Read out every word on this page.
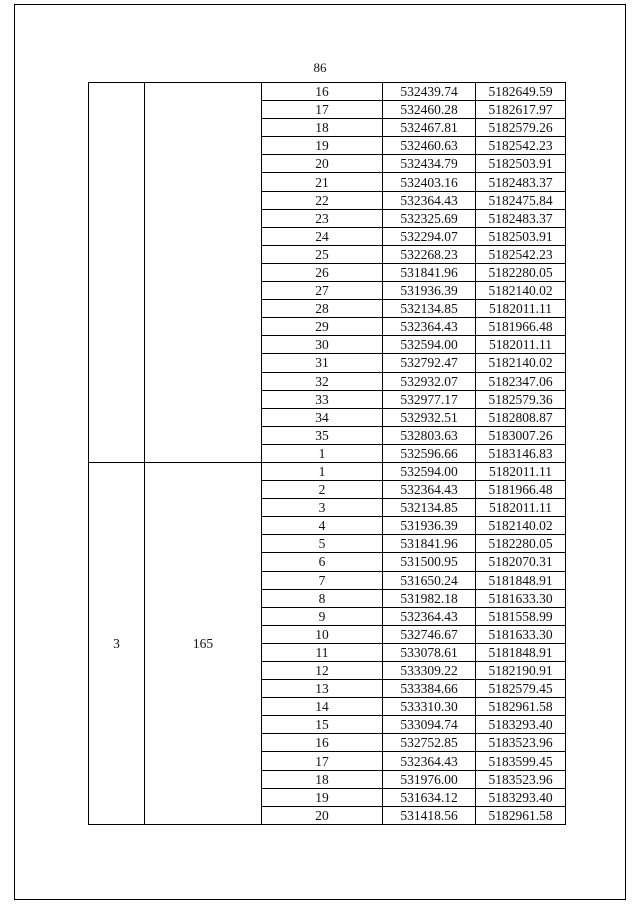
86
		16	532439.74	5182649.59
		17	532460.28	5182617.97
		18	532467.81	5182579.26
		19	532460.63	5182542.23
		20	532434.79	5182503.91
		21	532403.16	5182483.37
		22	532364.43	5182475.84
		23	532325.69	5182483.37
		24	532294.07	5182503.91
		25	532268.23	5182542.23
		26	531841.96	5182280.05
		27	531936.39	5182140.02
		28	532134.85	5182011.11
		29	532364.43	5181966.48
		30	532594.00	5182011.11
		31	532792.47	5182140.02
		32	532932.07	5182347.06
		33	532977.17	5182579.36
		34	532932.51	5182808.87
		35	532803.63	5183007.26
		1	532596.66	5183146.83
3	165	1	532594.00	5182011.11
		2	532364.43	5181966.48
		3	532134.85	5182011.11
		4	531936.39	5182140.02
		5	531841.96	5182280.05
		6	531500.95	5182070.31
		7	531650.24	5181848.91
		8	531982.18	5181633.30
		9	532364.43	5181558.99
		10	532746.67	5181633.30
		11	533078.61	5181848.91
		12	533309.22	5182190.91
		13	533384.66	5182579.45
		14	533310.30	5182961.58
		15	533094.74	5183293.40
		16	532752.85	5183523.96
		17	532364.43	5183599.45
		18	531976.00	5183523.96
		19	531634.12	5183293.40
		20	531418.56	5182961.58
